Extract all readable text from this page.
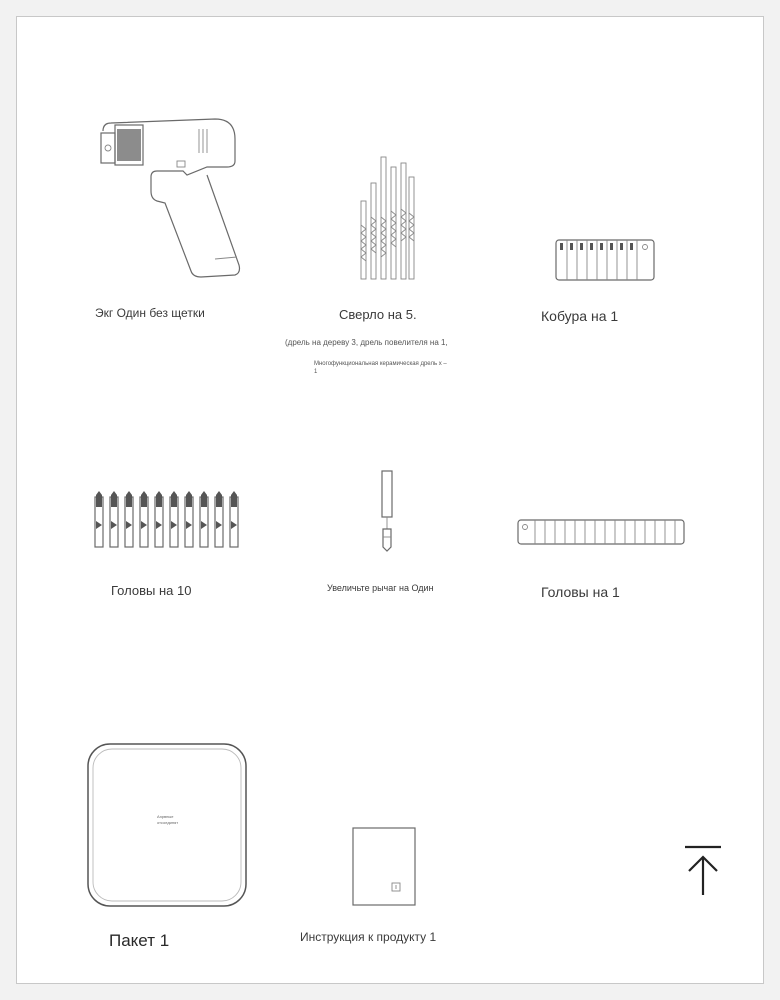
Экг Один без щетки	Сверло на 5.
(дрель на дереву 3, дрель повелителя на 1,
Многофункциональная керамическая дрель х –
1
Кобура на 1
Головы на 10	Увеличьте рычаг на Один	Головы на 1
Аэрвные
отсоединят
Пакет 1	Инструкция к продукту 1
